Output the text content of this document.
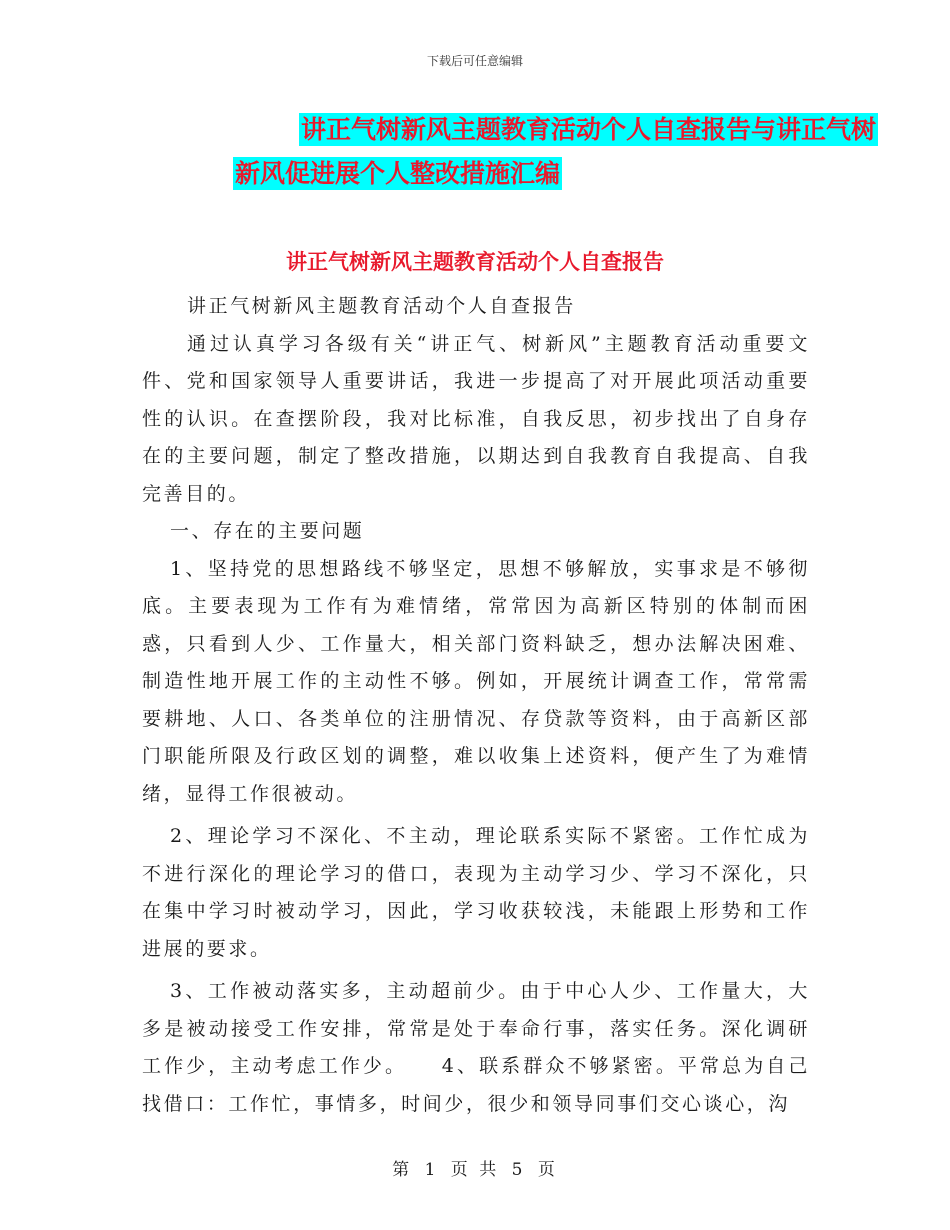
下载后可任意编辑
讲正气树新风主题教育活动个人自查报告与讲正气树
新风促进展个人整改措施汇编
讲正气树新风主题教育活动个人自查报告

讲正气树新风主题教育活动个人自查报告

通过认真学习各级有关“讲正气、树新风”主题教育活动重要文件、党和国家领导人重要讲话，我进一步提高了对开展此项活动重要性的认识。在查摆阶段，我对比标准，自我反思，初步找出了自身存在的主要问题，制定了整改措施，以期达到自我教育自我提高、自我完善目的。

一、存在的主要问题

1、坚持党的思想路线不够坚定，思想不够解放，实事求是不够彻底。主要表现为工作有为难情绪，常常因为高新区特别的体制而困惑，只看到人少、工作量大，相关部门资料缺乏，想办法解决困难、制造性地开展工作的主动性不够。例如，开展统计调查工作，常常需要耕地、人口、各类单位的注册情况、存贷款等资料，由于高新区部门职能所限及行政区划的调整，难以收集上述资料，便产生了为难情绪，显得工作很被动。

2、理论学习不深化、不主动，理论联系实际不紧密。工作忙成为不进行深化的理论学习的借口，表现为主动学习少、学习不深化，只在集中学习时被动学习，因此，学习收获较浅，未能跟上形势和工作进展的要求。

3、工作被动落实多，主动超前少。由于中心人少、工作量大，大多是被动接受工作安排，常常是处于奉命行事，落实任务。深化调研工作少，主动考虑工作少。　　4、联系群众不够紧密。平常总为自己找借口：工作忙，事情多，时间少，很少和领导同事们交心谈心，沟

第 1 页 共 5 页
